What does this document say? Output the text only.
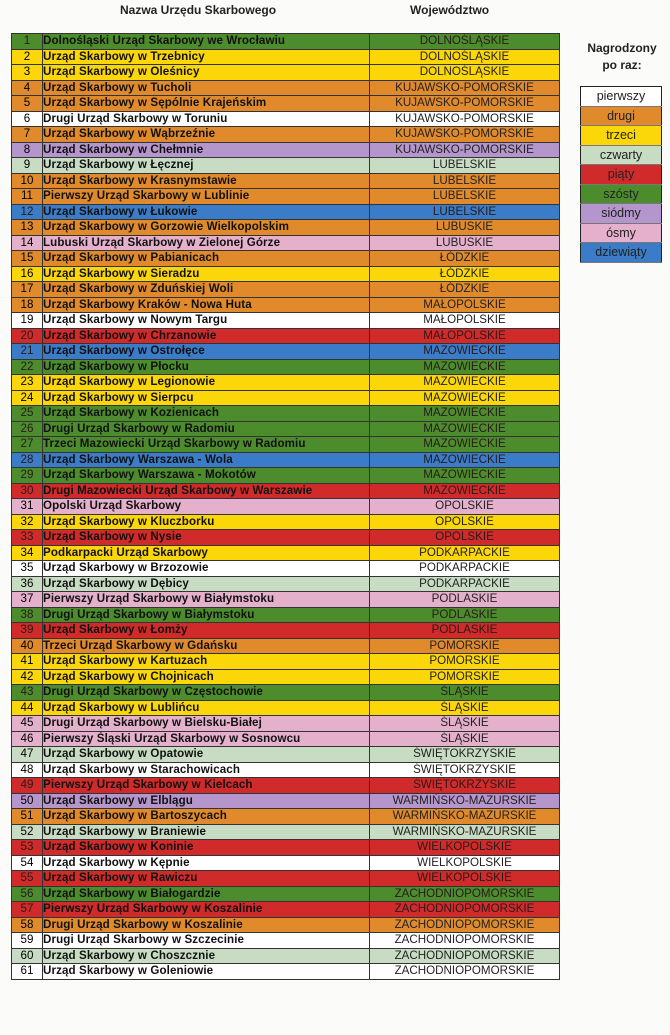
Nazwa Urzędu Skarbowego	Województwo
1	Dolnośląski Urząd Skarbowy we Wrocławiu	DOLNOŚLĄSKIE
2	Urząd Skarbowy w Trzebnicy	DOLNOŚLĄSKIE
3	Urząd Skarbowy w Oleśnicy	DOLNOŚLĄSKIE
4	Urząd Skarbowy w Tucholi	KUJAWSKO-POMORSKIE
5	Urząd Skarbowy w Sępólnie Krajeńskim	KUJAWSKO-POMORSKIE
6	Drugi Urząd Skarbowy w Toruniu	KUJAWSKO-POMORSKIE
7	Urząd Skarbowy w Wąbrzeźnie	KUJAWSKO-POMORSKIE
8	Urząd Skarbowy w Chełmnie	KUJAWSKO-POMORSKIE
9	Urząd Skarbowy w Łęcznej	LUBELSKIE
10	Urząd Skarbowy w Krasnymstawie	LUBELSKIE
11	Pierwszy Urząd Skarbowy w Lublinie	LUBELSKIE
12	Urząd Skarbowy w Łukowie	LUBELSKIE
13	Urząd Skarbowy w Gorzowie Wielkopolskim	LUBUSKIE
14	Lubuski Urząd Skarbowy w Zielonej Górze	LUBUSKIE
15	Urząd Skarbowy w Pabianicach	ŁÓDZKIE
16	Urząd Skarbowy w Sieradzu	ŁÓDZKIE
17	Urząd Skarbowy w Zduńskiej Woli	ŁÓDZKIE
18	Urząd Skarbowy Kraków - Nowa Huta	MAŁOPOLSKIE
19	Urząd Skarbowy w Nowym Targu	MAŁOPOLSKIE
20	Urząd Skarbowy w Chrzanowie	MAŁOPOLSKIE
21	Urząd Skarbowy w Ostrołęce	MAZOWIECKIE
22	Urząd Skarbowy w Płocku	MAZOWIECKIE
23	Urząd Skarbowy w Legionowie	MAZOWIECKIE
24	Urząd Skarbowy w Sierpcu	MAZOWIECKIE
25	Urząd Skarbowy w Kozienicach	MAZOWIECKIE
26	Drugi Urząd Skarbowy w Radomiu	MAZOWIECKIE
27	Trzeci Mazowiecki Urząd Skarbowy w Radomiu	MAZOWIECKIE
28	Urząd Skarbowy Warszawa - Wola	MAZOWIECKIE
29	Urząd Skarbowy Warszawa - Mokotów	MAZOWIECKIE
30	Drugi Mazowiecki Urząd Skarbowy w Warszawie	MAZOWIECKIE
31	Opolski Urząd Skarbowy	OPOLSKIE
32	Urząd Skarbowy w Kluczborku	OPOLSKIE
33	Urząd Skarbowy w Nysie	OPOLSKIE
34	Podkarpacki Urząd Skarbowy	PODKARPACKIE
35	Urząd Skarbowy w Brzozowie	PODKARPACKIE
36	Urząd Skarbowy w Dębicy	PODKARPACKIE
37	Pierwszy Urząd Skarbowy w Białymstoku	PODLASKIE
38	Drugi Urząd Skarbowy w Białymstoku	PODLASKIE
39	Urząd Skarbowy w Łomży	PODLASKIE
40	Trzeci Urząd Skarbowy w Gdańsku	POMORSKIE
41	Urząd Skarbowy w Kartuzach	POMORSKIE
42	Urząd Skarbowy w Chojnicach	POMORSKIE
43	Drugi Urząd Skarbowy w Częstochowie	ŚLĄSKIE
44	Urząd Skarbowy w Lublińcu	ŚLĄSKIE
45	Drugi Urząd Skarbowy w Bielsku-Białej	ŚLĄSKIE
46	Pierwszy Śląski Urząd Skarbowy w Sosnowcu	ŚLĄSKIE
47	Urząd Skarbowy w Opatowie	ŚWIĘTOKRZYSKIE
48	Urząd Skarbowy w Starachowicach	ŚWIĘTOKRZYSKIE
49	Pierwszy Urząd Skarbowy w Kielcach	ŚWIĘTOKRZYSKIE
50	Urząd Skarbowy w Elblągu	WARMIŃSKO-MAZURSKIE
51	Urząd Skarbowy w Bartoszycach	WARMIŃSKO-MAZURSKIE
52	Urząd Skarbowy w Braniewie	WARMIŃSKO-MAZURSKIE
53	Urząd Skarbowy w Koninie	WIELKOPOLSKIE
54	Urząd Skarbowy w Kępnie	WIELKOPOLSKIE
55	Urząd Skarbowy w Rawiczu	WIELKOPOLSKIE
56	Urząd Skarbowy w Białogardzie	ZACHODNIOPOMORSKIE
57	Pierwszy Urząd Skarbowy w Koszalinie	ZACHODNIOPOMORSKIE
58	Drugi Urząd Skarbowy w Koszalinie	ZACHODNIOPOMORSKIE
59	Drugi Urząd Skarbowy w Szczecinie	ZACHODNIOPOMORSKIE
60	Urząd Skarbowy w Choszcznie	ZACHODNIOPOMORSKIE
61	Urząd Skarbowy w Goleniowie	ZACHODNIOPOMORSKIE
Nagrodzony
po raz:
pierwszy
drugi
trzeci
czwarty
piąty
szósty
siódmy
ósmy
dziewiąty
